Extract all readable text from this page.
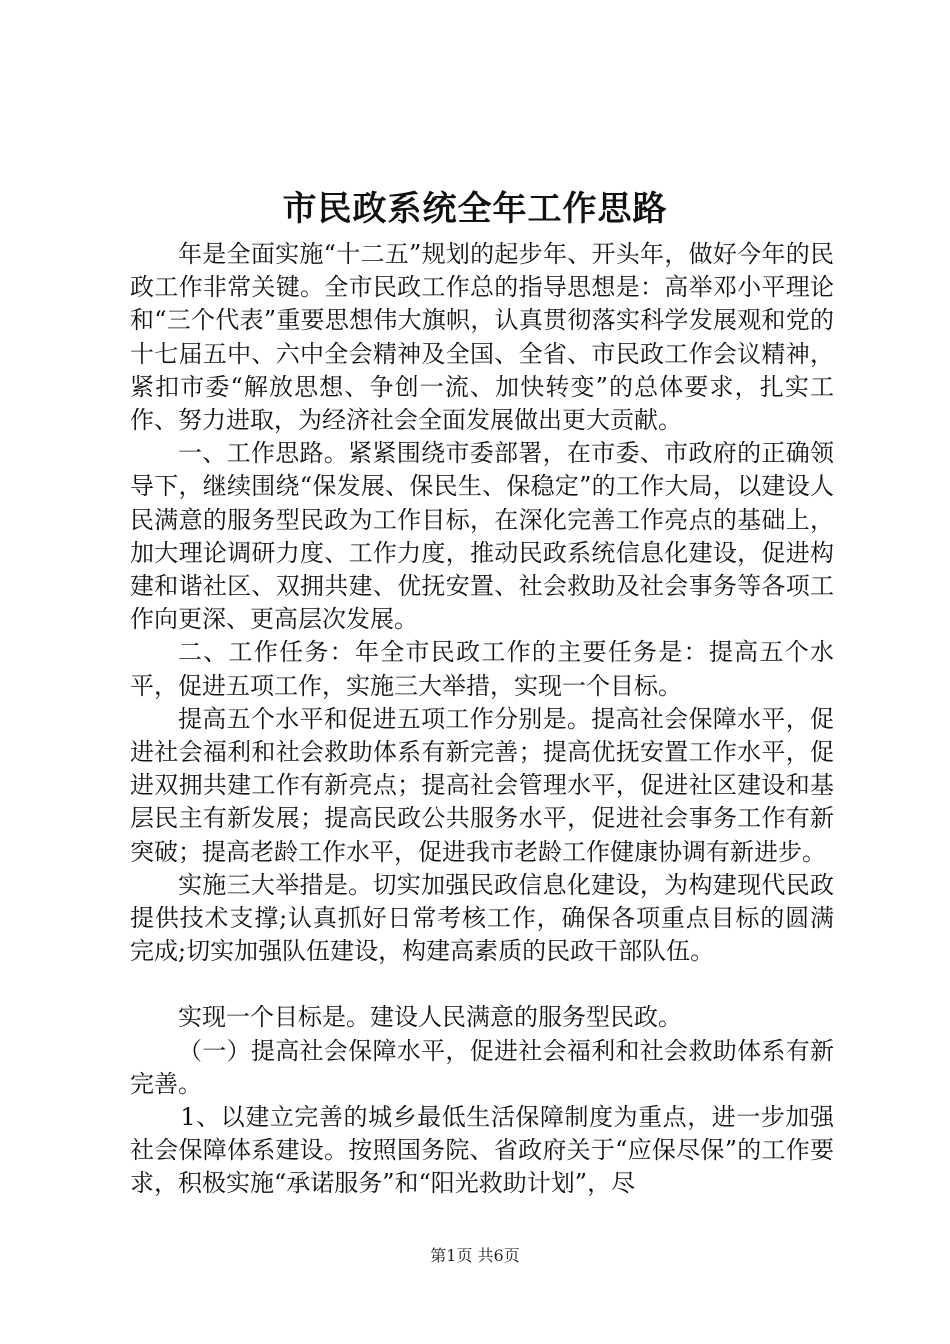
市民政系统全年工作思路

年是全面实施“十二五”规划的起步年、开头年，做好今年的民政工作非常关键。全市民政工作总的指导思想是：高举邓小平理论和“三个代表”重要思想伟大旗帜，认真贯彻落实科学发展观和党的十七届五中、六中全会精神及全国、全省、市民政工作会议精神，紧扣市委“解放思想、争创一流、加快转变”的总体要求，扎实工作、努力进取，为经济社会全面发展做出更大贡献。

一、工作思路。紧紧围绕市委部署，在市委、市政府的正确领导下，继续围绕“保发展、保民生、保稳定”的工作大局，以建设人民满意的服务型民政为工作目标，在深化完善工作亮点的基础上，加大理论调研力度、工作力度，推动民政系统信息化建设，促进构建和谐社区、双拥共建、优抚安置、社会救助及社会事务等各项工作向更深、更高层次发展。

二、工作任务：年全市民政工作的主要任务是：提高五个水平，促进五项工作，实施三大举措，实现一个目标。

提高五个水平和促进五项工作分别是。提高社会保障水平，促进社会福利和社会救助体系有新完善；提高优抚安置工作水平，促进双拥共建工作有新亮点；提高社会管理水平，促进社区建设和基层民主有新发展；提高民政公共服务水平，促进社会事务工作有新突破；提高老龄工作水平，促进我市老龄工作健康协调有新进步。

实施三大举措是。切实加强民政信息化建设，为构建现代民政提供技术支撑;认真抓好日常考核工作，确保各项重点目标的圆满完成;切实加强队伍建设，构建高素质的民政干部队伍。

实现一个目标是。建设人民满意的服务型民政。

（一）提高社会保障水平，促进社会福利和社会救助体系有新完善。

1、以建立完善的城乡最低生活保障制度为重点，进一步加强社会保障体系建设。按照国务院、省政府关于“应保尽保”的工作要求，积极实施“承诺服务”和“阳光救助计划”，尽

第1页 共6页
